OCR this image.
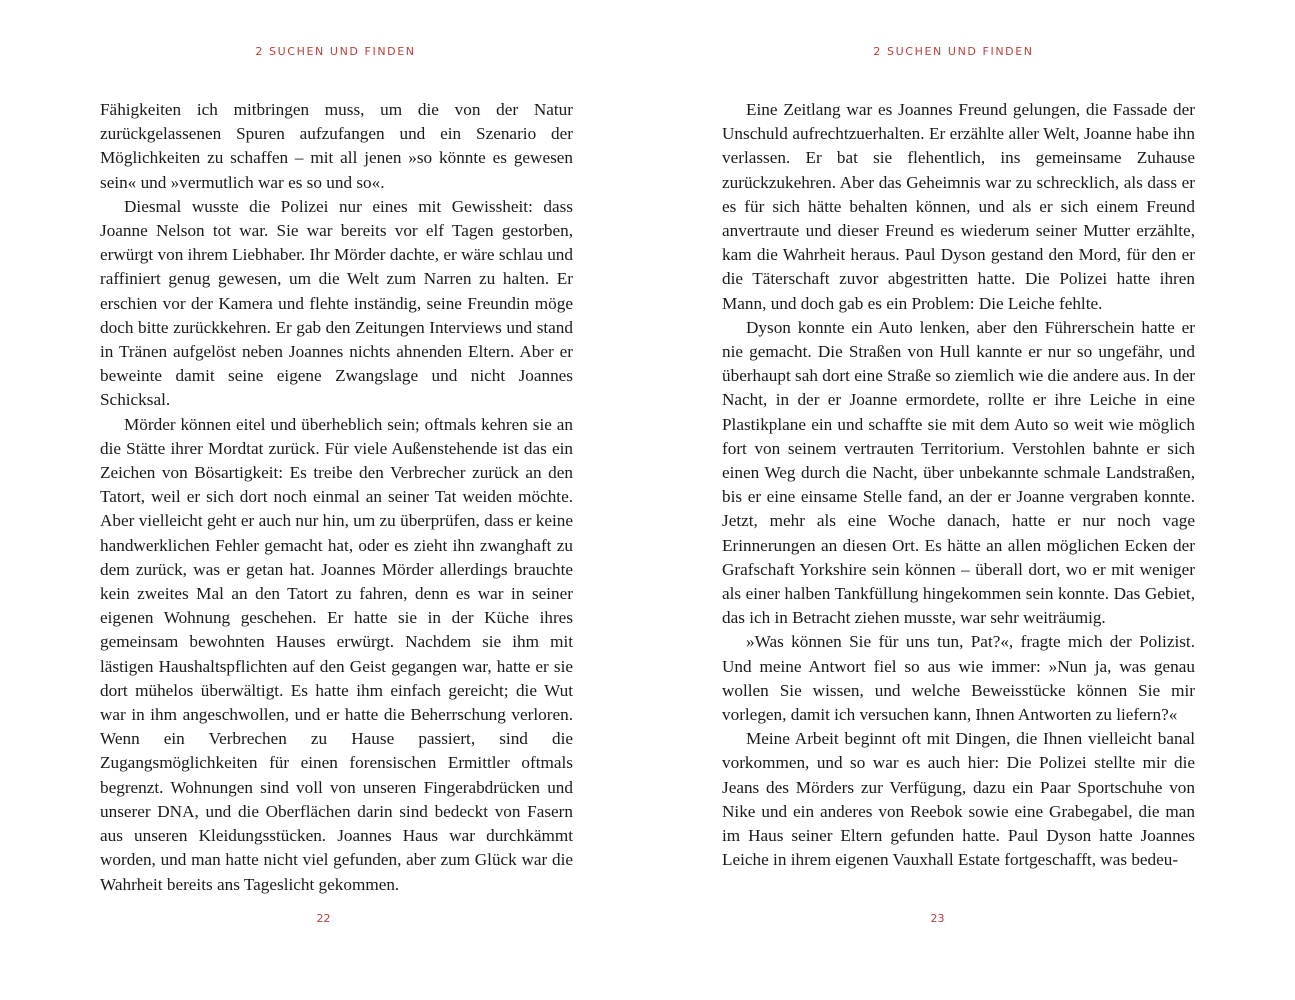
2 SUCHEN UND FINDEN

Fähigkeiten ich mitbringen muss, um die von der Natur zurückgelassenen Spuren aufzufangen und ein Szenario der Möglichkeiten zu schaffen – mit all jenen »so könnte es gewesen sein« und »vermutlich war es so und so«.

Diesmal wusste die Polizei nur eines mit Gewissheit: dass Joanne Nelson tot war. Sie war bereits vor elf Tagen gestorben, erwürgt von ihrem Liebhaber. Ihr Mörder dachte, er wäre schlau und raffiniert genug gewesen, um die Welt zum Narren zu halten. Er erschien vor der Kamera und flehte inständig, seine Freundin möge doch bitte zurückkehren. Er gab den Zeitungen Interviews und stand in Tränen aufgelöst neben Joannes nichts ahnenden Eltern. Aber er beweinte damit seine eigene Zwangslage und nicht Joannes Schicksal.

Mörder können eitel und überheblich sein; oftmals kehren sie an die Stätte ihrer Mordtat zurück. Für viele Außenstehende ist das ein Zeichen von Bösartigkeit: Es treibe den Verbrecher zurück an den Tatort, weil er sich dort noch einmal an seiner Tat weiden möchte. Aber vielleicht geht er auch nur hin, um zu überprüfen, dass er keine handwerklichen Fehler gemacht hat, oder es zieht ihn zwanghaft zu dem zurück, was er getan hat. Joannes Mörder allerdings brauchte kein zweites Mal an den Tatort zu fahren, denn es war in seiner eigenen Wohnung geschehen. Er hatte sie in der Küche ihres gemeinsam bewohnten Hauses erwürgt. Nachdem sie ihm mit lästigen Haushaltspflichten auf den Geist gegangen war, hatte er sie dort mühelos überwältigt. Es hatte ihm einfach gereicht; die Wut war in ihm angeschwollen, und er hatte die Beherrschung verloren. Wenn ein Verbrechen zu Hause passiert, sind die Zugangsmöglichkeiten für einen forensischen Ermittler oftmals begrenzt. Wohnungen sind voll von unseren Fingerabdrücken und unserer DNA, und die Oberflächen darin sind bedeckt von Fasern aus unseren Kleidungsstücken. Joannes Haus war durchkämmt worden, und man hatte nicht viel gefunden, aber zum Glück war die Wahrheit bereits ans Tageslicht gekommen.

22

2 SUCHEN UND FINDEN

Eine Zeitlang war es Joannes Freund gelungen, die Fassade der Unschuld aufrechtzuerhalten. Er erzählte aller Welt, Joanne habe ihn verlassen. Er bat sie flehentlich, ins gemeinsame Zuhause zurückzukehren. Aber das Geheimnis war zu schrecklich, als dass er es für sich hätte behalten können, und als er sich einem Freund anvertraute und dieser Freund es wiederum seiner Mutter erzählte, kam die Wahrheit heraus. Paul Dyson gestand den Mord, für den er die Täterschaft zuvor abgestritten hatte. Die Polizei hatte ihren Mann, und doch gab es ein Problem: Die Leiche fehlte.

Dyson konnte ein Auto lenken, aber den Führerschein hatte er nie gemacht. Die Straßen von Hull kannte er nur so ungefähr, und überhaupt sah dort eine Straße so ziemlich wie die andere aus. In der Nacht, in der er Joanne ermordete, rollte er ihre Leiche in eine Plastikplane ein und schaffte sie mit dem Auto so weit wie möglich fort von seinem vertrauten Territorium. Verstohlen bahnte er sich einen Weg durch die Nacht, über unbekannte schmale Landstraßen, bis er eine einsame Stelle fand, an der er Joanne vergraben konnte. Jetzt, mehr als eine Woche danach, hatte er nur noch vage Erinnerungen an diesen Ort. Es hätte an allen möglichen Ecken der Grafschaft Yorkshire sein können – überall dort, wo er mit weniger als einer halben Tankfüllung hingekommen sein konnte. Das Gebiet, das ich in Betracht ziehen musste, war sehr weiträumig.

»Was können Sie für uns tun, Pat?«, fragte mich der Polizist. Und meine Antwort fiel so aus wie immer: »Nun ja, was genau wollen Sie wissen, und welche Beweisstücke können Sie mir vorlegen, damit ich versuchen kann, Ihnen Antworten zu liefern?«

Meine Arbeit beginnt oft mit Dingen, die Ihnen vielleicht banal vorkommen, und so war es auch hier: Die Polizei stellte mir die Jeans des Mörders zur Verfügung, dazu ein Paar Sportschuhe von Nike und ein anderes von Reebok sowie eine Grabegabel, die man im Haus seiner Eltern gefunden hatte. Paul Dyson hatte Joannes Leiche in ihrem eigenen Vauxhall Estate fortgeschafft, was bedeu-

23
